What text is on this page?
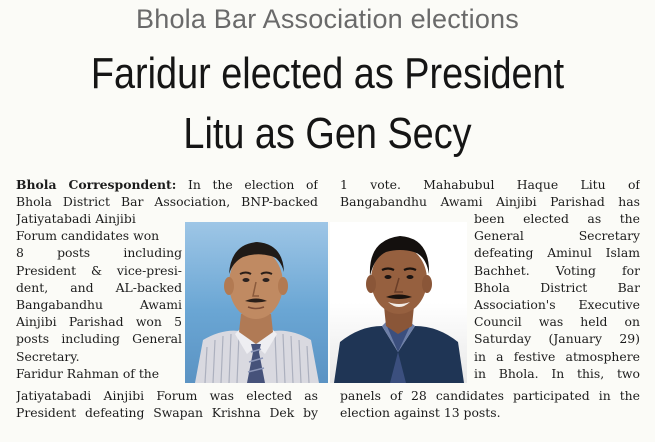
Bhola Bar Association elections
Faridur elected as President
Litu as Gen Secy
Bhola Correspondent: In the election of
Bhola District Bar Association, BNP-backed
Jatiyatabadi Ainjibi
Forum candidates won
8 posts including
President & vice-presi-
dent, and AL-backed
Bangabandhu Awami
Ainjibi Parishad won 5
posts including General
Secretary.
Faridur Rahman of the
Jatiyatabadi Ainjibi Forum was elected as
President defeating Swapan Krishna Dek by
1 vote. Mahabubul Haque Litu of
Bangabandhu Awami Ainjibi Parishad has
been elected as the
General Secretary
defeating Aminul Islam
Bachhet. Voting for
Bhola District Bar
Association's Executive
Council was held on
Saturday (January 29)
in a festive atmosphere
in Bhola. In this, two
panels of 28 candidates participated in the
election against 13 posts.
